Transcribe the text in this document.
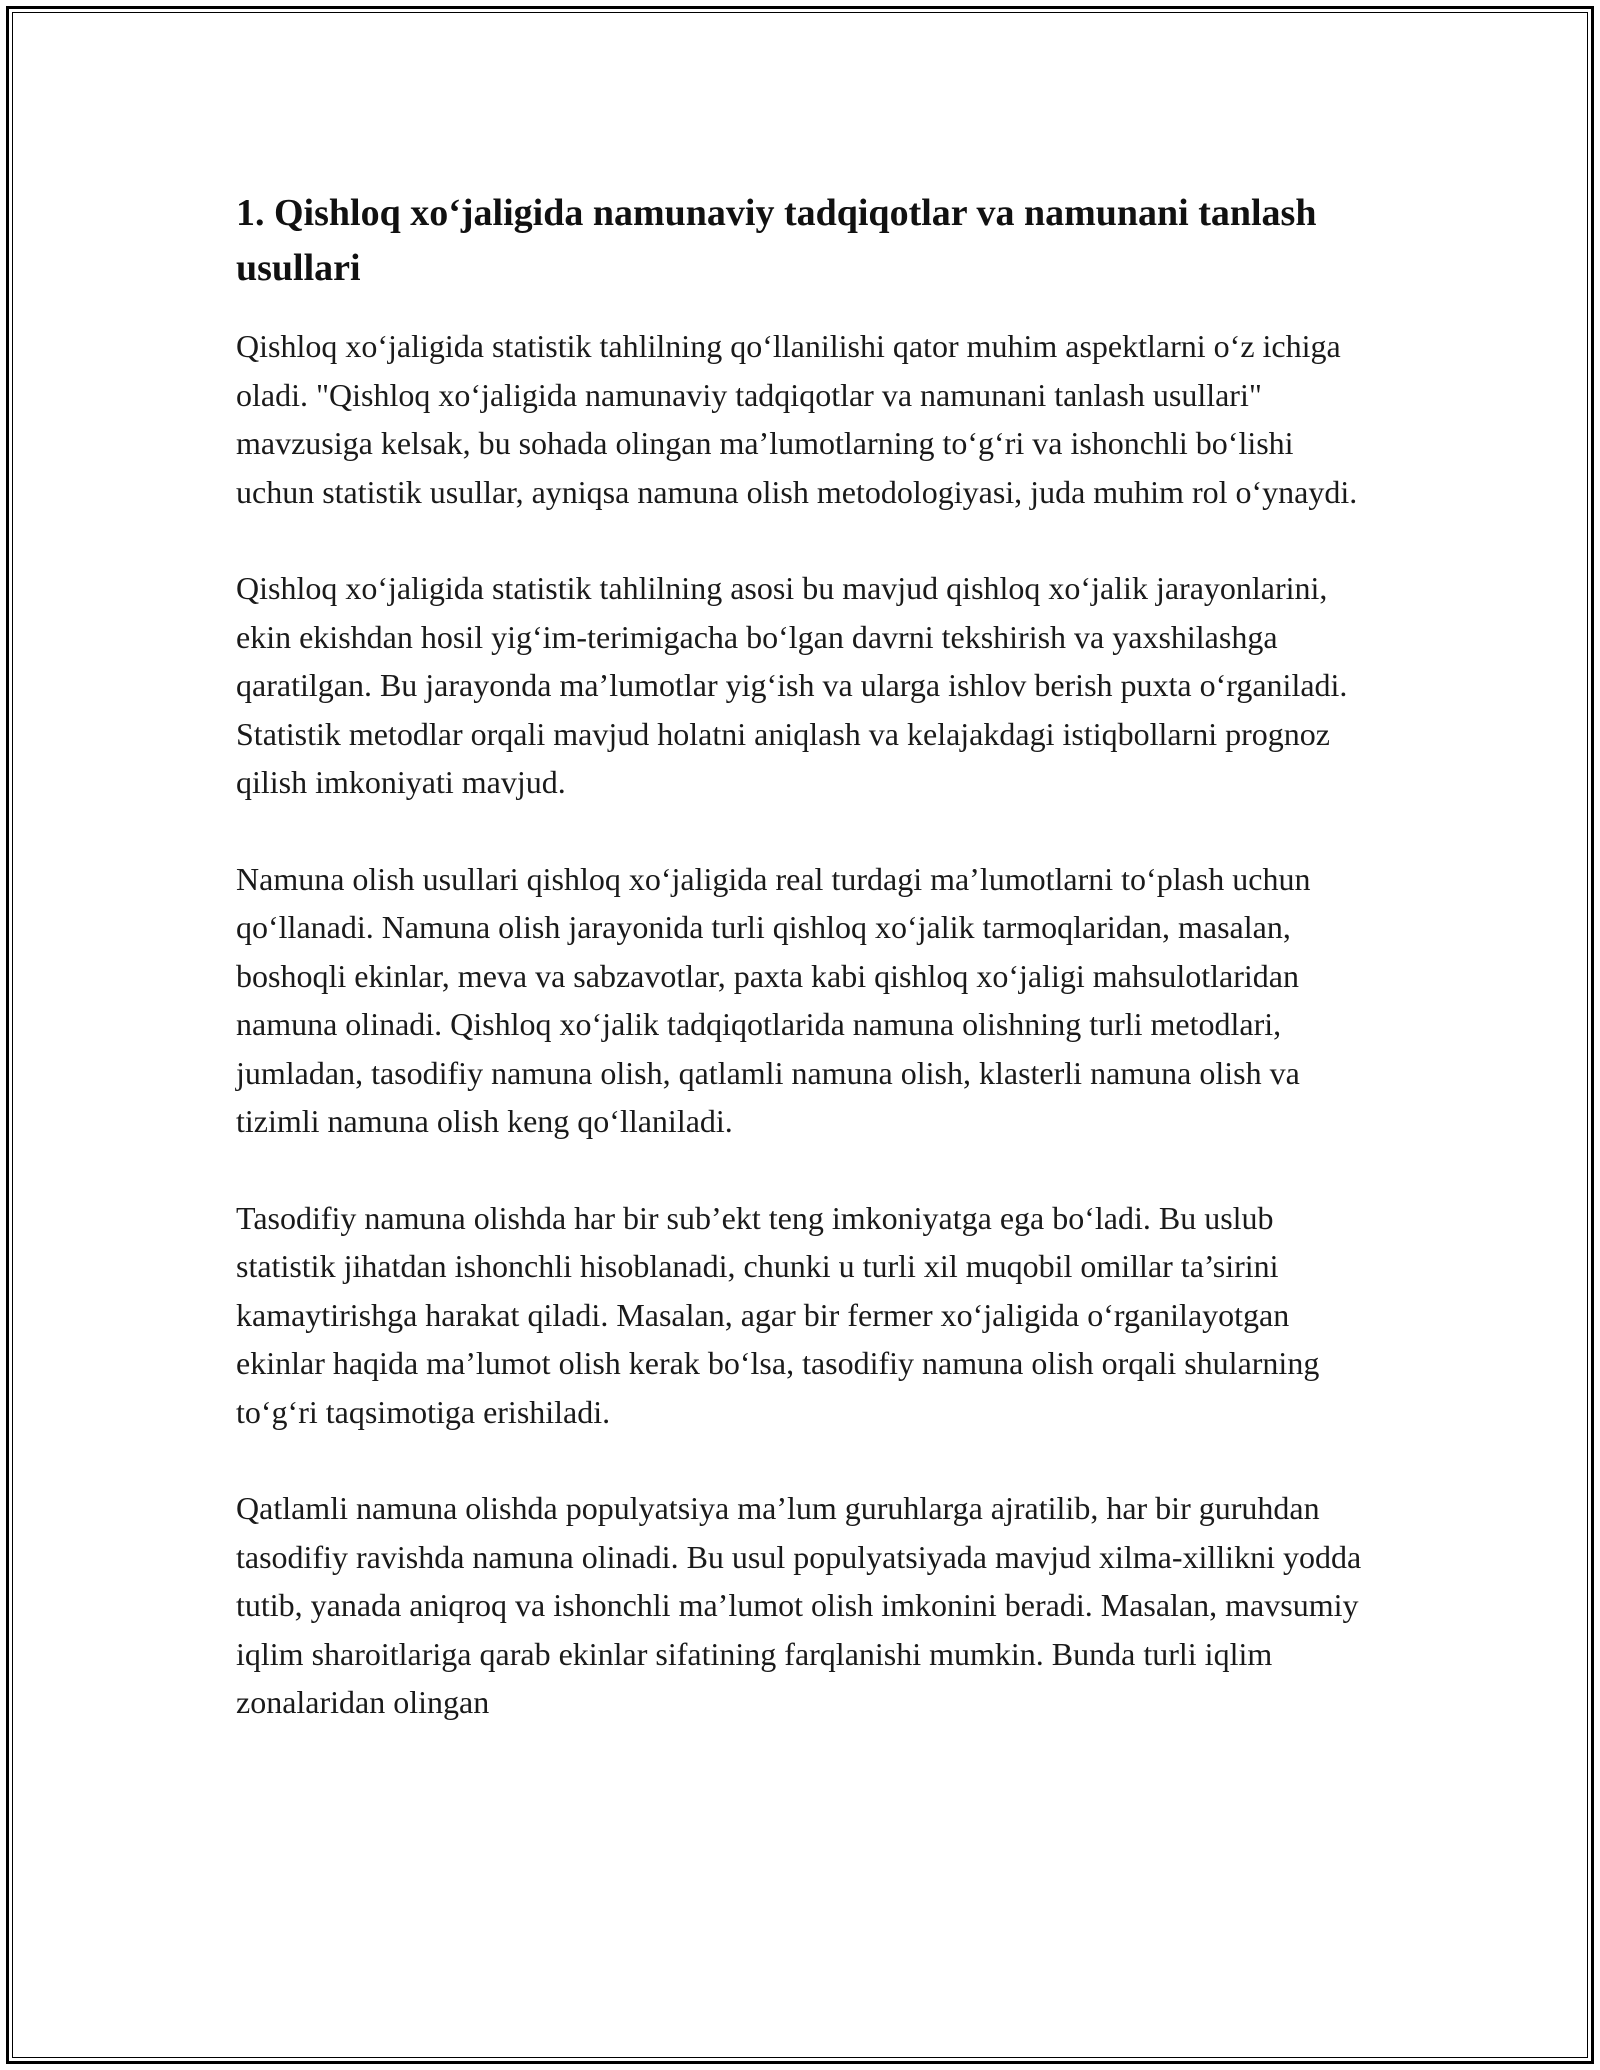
1. Qishloq xo‘jaligida namunaviy tadqiqotlar va namunani tanlash usullari

Qishloq xo‘jaligida statistik tahlilning qo‘llanilishi qator muhim aspektlarni o‘z ichiga oladi. "Qishloq xo‘jaligida namunaviy tadqiqotlar va namunani tanlash usullari" mavzusiga kelsak, bu sohada olingan ma’lumotlarning to‘g‘ri va ishonchli bo‘lishi uchun statistik usullar, ayniqsa namuna olish metodologiyasi, juda muhim rol o‘ynaydi.

Qishloq xo‘jaligida statistik tahlilning asosi bu mavjud qishloq xo‘jalik jarayonlarini, ekin ekishdan hosil yig‘im-terimigacha bo‘lgan davrni tekshirish va yaxshilashga qaratilgan. Bu jarayonda ma’lumotlar yig‘ish va ularga ishlov berish puxta o‘rganiladi. Statistik metodlar orqali mavjud holatni aniqlash va kelajakdagi istiqbollarni prognoz qilish imkoniyati mavjud.

Namuna olish usullari qishloq xo‘jaligida real turdagi ma’lumotlarni to‘plash uchun qo‘llanadi. Namuna olish jarayonida turli qishloq xo‘jalik tarmoqlaridan, masalan, boshoqli ekinlar, meva va sabzavotlar, paxta kabi qishloq xo‘jaligi mahsulotlaridan namuna olinadi. Qishloq xo‘jalik tadqiqotlarida namuna olishning turli metodlari, jumladan, tasodifiy namuna olish, qatlamli namuna olish, klasterli namuna olish va tizimli namuna olish keng qo‘llaniladi.

Tasodifiy namuna olishda har bir sub’ekt teng imkoniyatga ega bo‘ladi. Bu uslub statistik jihatdan ishonchli hisoblanadi, chunki u turli xil muqobil omillar ta’sirini kamaytirishga harakat qiladi. Masalan, agar bir fermer xo‘jaligida o‘rganilayotgan ekinlar haqida ma’lumot olish kerak bo‘lsa, tasodifiy namuna olish orqali shularning to‘g‘ri taqsimotiga erishiladi.

Qatlamli namuna olishda populyatsiya ma’lum guruhlarga ajratilib, har bir guruhdan tasodifiy ravishda namuna olinadi. Bu usul populyatsiyada mavjud xilma-xillikni yodda tutib, yanada aniqroq va ishonchli ma’lumot olish imkonini beradi. Masalan, mavsumiy iqlim sharoitlariga qarab ekinlar sifatining farqlanishi mumkin. Bunda turli iqlim zonalaridan olingan
